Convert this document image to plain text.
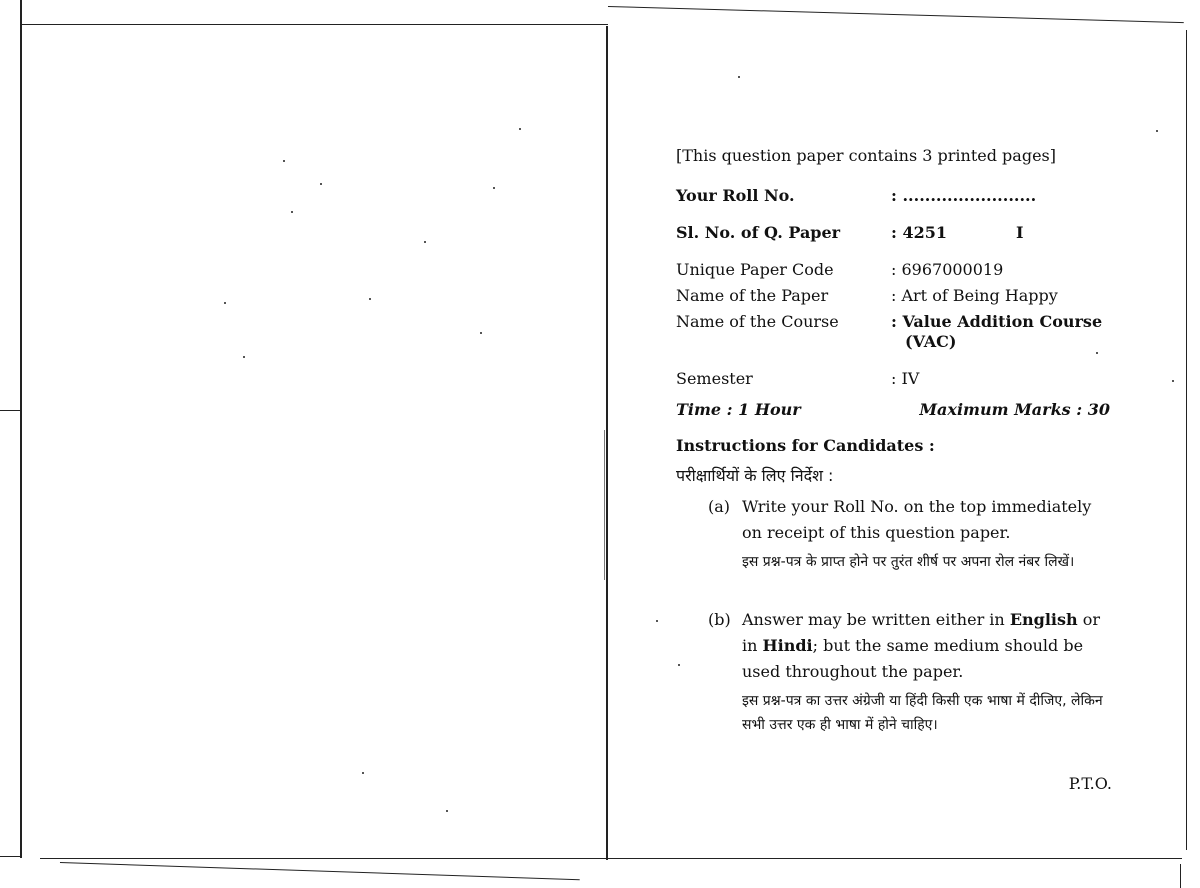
[This question paper contains 3 printed pages]
Your Roll No.	: ........................
Sl. No. of Q. Paper	: 4251	I
Unique Paper Code	: 6967000019
Name of the Paper	: Art of Being Happy
Name of the Course	: Value Addition Course
(VAC)
Semester	: IV
Time : 1 Hour	Maximum Marks : 30
Instructions for Candidates :
परीक्षार्थियों के लिए निर्देश :
(a) Write your Roll No. on the top immediately on receipt of this question paper.
इस प्रश्न-पत्र के प्राप्त होने पर तुरंत शीर्ष पर अपना रोल नंबर लिखें।
(b) Answer may be written either in English or in Hindi; but the same medium should be used throughout the paper.
इस प्रश्न-पत्र का उत्तर अंग्रेजी या हिंदी किसी एक भाषा में दीजिए, लेकिन सभी उत्तर एक ही भाषा में होने चाहिए।
P.T.O.
